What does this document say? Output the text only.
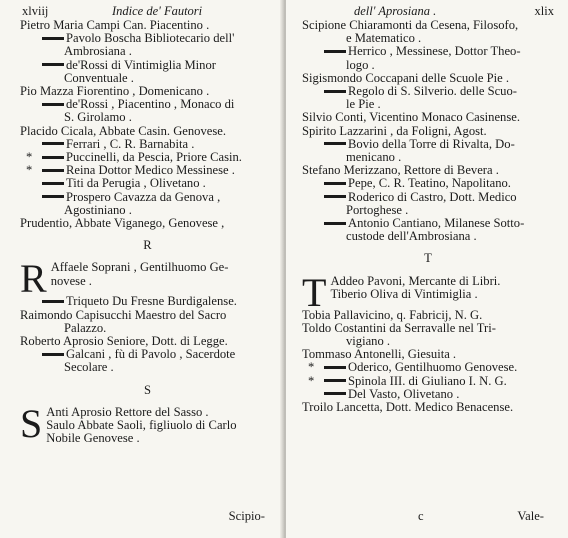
xlviij	Indice de' Fautori
Pietro Maria Campi Can. Piacentino .
Pavolo Boscha Bibliotecario dell'
Ambrosiana .
de'Rossi di Vintimiglia Minor
Conventuale .
Pio Mazza Fiorentino , Domenicano .
de'Rossi , Piacentino , Monaco di
S. Girolamo .
Placido Cicala, Abbate Casin. Genovese.
Ferrari , C. R. Barnabita .
*	Puccinelli, da Pescia, Priore Casin.
*	Reina Dottor Medico Messinese .
Titi da Perugia , Olivetano .
Prospero Cavazza da Genova ,
Agostiniano .
Prudentio, Abbate Viganego, Genovese ,
R
R Affaele Soprani , Gentilhuomo Ge-
novese .
Triqueto Du Fresne Burdigalense.
Raimondo Capisucchi Maestro del Sacro
Palazzo.
Roberto Aprosio Seniore, Dott. di Legge.
Galcani , fù di Pavolo , Sacerdote
Secolare .
S
S Anti Aprosio Rettore del Sasso .
Saulo Abbate Saoli, figliuolo di Carlo
Nobile Genovese .
Scipio-
dell' Aprosiana .	xlix
Scipione Chiaramonti da Cesena, Filosofo,
e Matematico .
Herrico , Messinese, Dottor Theo-
logo .
Sigismondo Coccapani delle Scuole Pie .
Regolo di S. Silverio. delle Scuo-
le Pie .
Silvio Conti, Vicentino Monaco Casinense.
Spirito Lazzarini , da Foligni, Agost.
Bovio della Torre di Rivalta, Do-
menicano .
Stefano Merizzano, Rettore di Bevera .
Pepe, C. R. Teatino, Napolitano.
Roderico di Castro, Dott. Medico
Portoghese .
Antonio Cantiano, Milanese Sotto-
custode dell'Ambrosiana .
T
T Addeo Pavoni, Mercante di Libri.
Tiberio Oliva di Vintimiglia .
Tobia Pallavicino, q. Fabricij, N. G.
Toldo Costantini da Serravalle nel Tri-
vigiano .
Tommaso Antonelli, Giesuita .
*	Oderico, Gentilhuomo Genovese.
*	Spinola III. di Giuliano I. N. G.
Del Vasto, Olivetano .
Troilo Lancetta, Dott. Medico Benacense.
c	Vale-
